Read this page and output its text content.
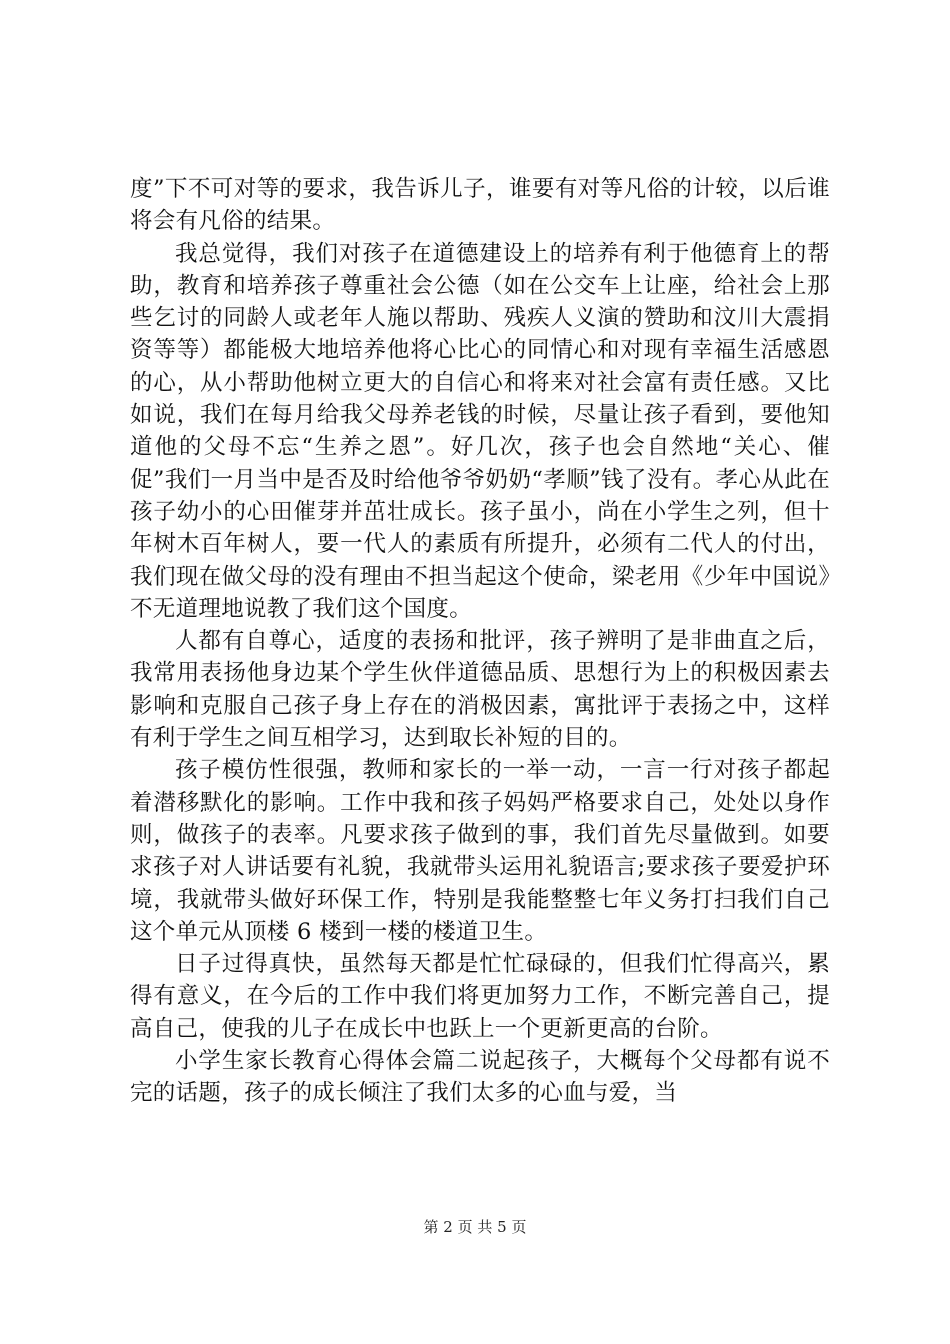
度”下不可对等的要求，我告诉儿子，谁要有对等凡俗的计较，以后谁将会有凡俗的结果。

我总觉得，我们对孩子在道德建设上的培养有利于他德育上的帮助，教育和培养孩子尊重社会公德（如在公交车上让座，给社会上那些乞讨的同龄人或老年人施以帮助、残疾人义演的赞助和汶川大震捐资等等）都能极大地培养他将心比心的同情心和对现有幸福生活感恩的心，从小帮助他树立更大的自信心和将来对社会富有责任感。又比如说，我们在每月给我父母养老钱的时候，尽量让孩子看到，要他知道他的父母不忘“生养之恩”。好几次，孩子也会自然地“关心、催促”我们一月当中是否及时给他爷爷奶奶“孝顺”钱了没有。孝心从此在孩子幼小的心田催芽并茁壮成长。孩子虽小，尚在小学生之列，但十年树木百年树人，要一代人的素质有所提升，必须有二代人的付出，我们现在做父母的没有理由不担当起这个使命，梁老用《少年中国说》不无道理地说教了我们这个国度。

人都有自尊心，适度的表扬和批评，孩子辨明了是非曲直之后，我常用表扬他身边某个学生伙伴道德品质、思想行为上的积极因素去影响和克服自己孩子身上存在的消极因素，寓批评于表扬之中，这样有利于学生之间互相学习，达到取长补短的目的。

孩子模仿性很强，教师和家长的一举一动，一言一行对孩子都起着潜移默化的影响。工作中我和孩子妈妈严格要求自己，处处以身作则，做孩子的表率。凡要求孩子做到的事，我们首先尽量做到。如要求孩子对人讲话要有礼貌，我就带头运用礼貌语言;要求孩子要爱护环境，我就带头做好环保工作，特别是我能整整七年义务打扫我们自己这个单元从顶楼 6 楼到一楼的楼道卫生。

日子过得真快，虽然每天都是忙忙碌碌的，但我们忙得高兴，累得有意义，在今后的工作中我们将更加努力工作，不断完善自己，提高自己，使我的儿子在成长中也跃上一个更新更高的台阶。

小学生家长教育心得体会篇二说起孩子，大概每个父母都有说不完的话题，孩子的成长倾注了我们太多的心血与爱，当

第 2 页 共 5 页
